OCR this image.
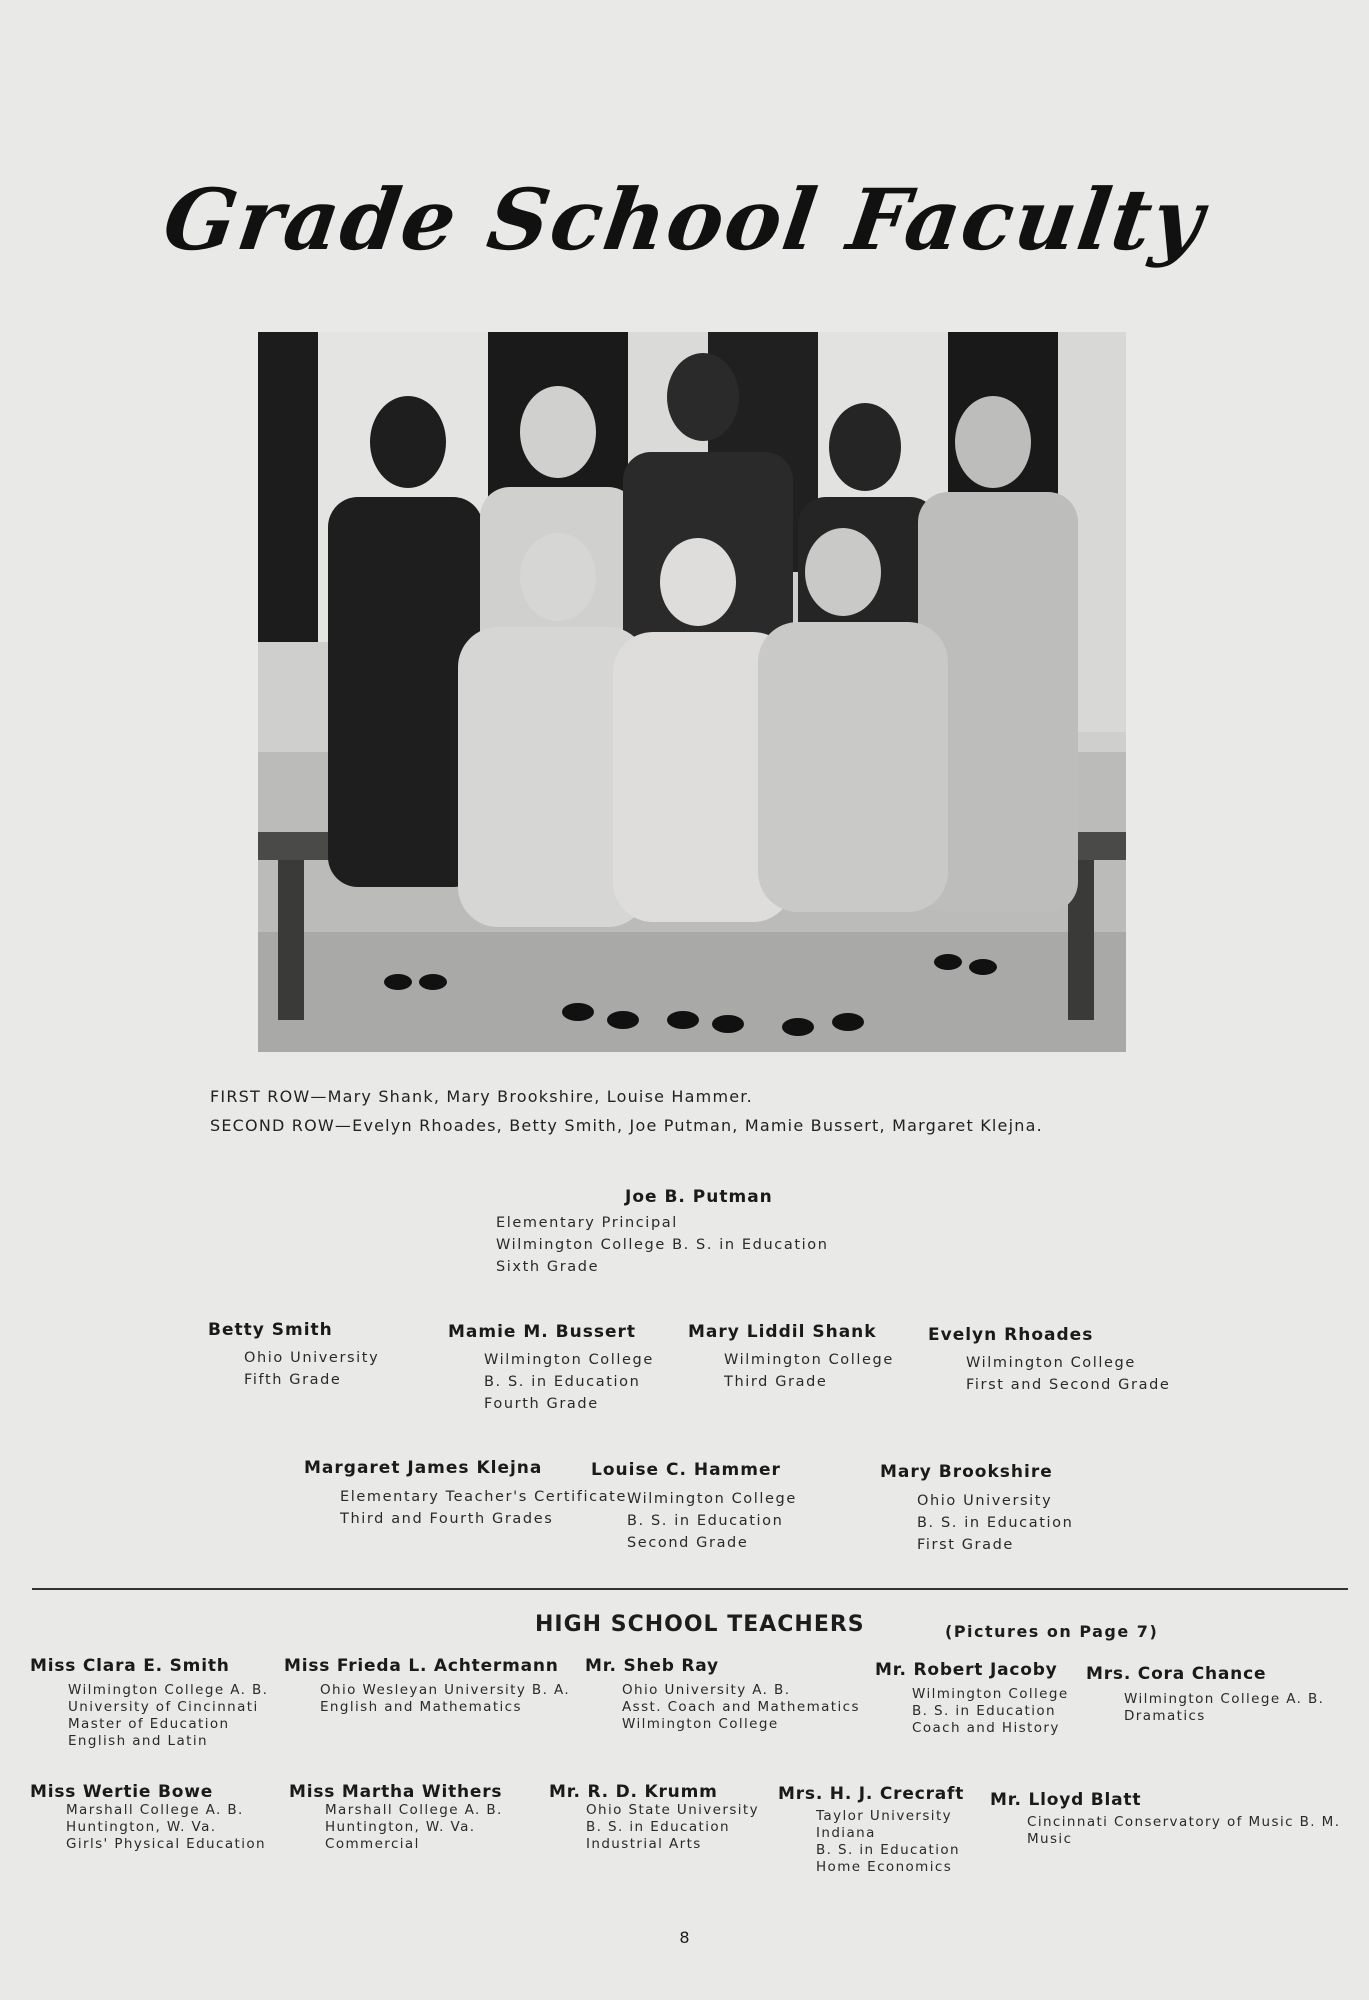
Grade School Faculty
FIRST ROW—Mary Shank, Mary Brookshire, Louise Hammer.
SECOND ROW—Evelyn Rhoades, Betty Smith, Joe Putman, Mamie Bussert, Margaret Klejna.
Joe B. Putman
Elementary Principal
Wilmington College B. S. in Education
Sixth Grade
Betty Smith
Ohio University
Fifth Grade
Mamie M. Bussert
Wilmington College
B. S. in Education
Fourth Grade
Mary Liddil Shank
Wilmington College
Third Grade
Evelyn Rhoades
Wilmington College
First and Second Grade
Margaret James Klejna
Elementary Teacher's Certificate
Third and Fourth Grades
Louise C. Hammer
Wilmington College
B. S. in Education
Second Grade
Mary Brookshire
Ohio University
B. S. in Education
First Grade
HIGH SCHOOL TEACHERS	(Pictures on Page 7)
Miss Clara E. Smith
Wilmington College A. B.
University of Cincinnati
Master of Education
English and Latin
Miss Frieda L. Achtermann
Ohio Wesleyan University B. A.
English and Mathematics
Mr. Sheb Ray
Ohio University A. B.
Asst. Coach and Mathematics
Wilmington College
Mr. Robert Jacoby
Wilmington College
B. S. in Education
Coach and History
Mrs. Cora Chance
Wilmington College A. B.
Dramatics
Miss Wertie Bowe
Marshall College A. B.
Huntington, W. Va.
Girls' Physical Education
Miss Martha Withers
Marshall College A. B.
Huntington, W. Va.
Commercial
Mr. R. D. Krumm
Ohio State University
B. S. in Education
Industrial Arts
Mrs. H. J. Crecraft
Taylor University
Indiana
B. S. in Education
Home Economics
Mr. Lloyd Blatt
Cincinnati Conservatory of Music B. M.
Music
8
